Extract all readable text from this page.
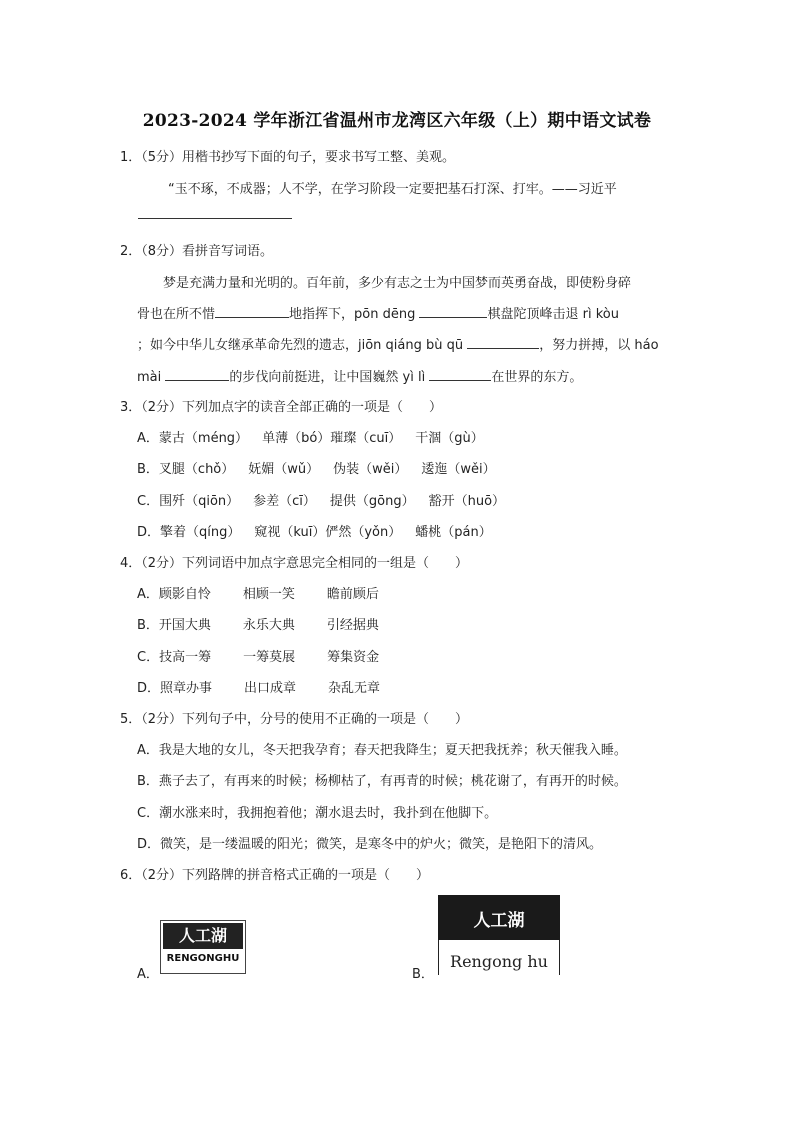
2023-2024 学年浙江省温州市龙湾区六年级（上）期中语文试卷
1．（5分）用楷书抄写下面的句子，要求书写工整、美观。
“玉不琢，不成器；人不学，在学习阶段一定要把基石打深、打牢。——习近平
2．（8分）看拼音写词语。
梦是充满力量和光明的。百年前，多少有志之士为中国梦而英勇奋战，即使粉身碎
骨也在所不惜	地指挥下，pōn dēng	棋盘陀顶峰击退 rì kòu
；如今中华儿女继承革命先烈的遗志，jiōn qiáng bù qū	，努力拼搏，以 háo
mài	的步伐向前挺进，让中国巍然 yì lì	在世界的东方。
3．（2分）下列加点字的读音全部正确的一项是（　　）
A．蒙古（méng） 单薄（bó）璀璨（cuī） 干涸（gù）
B．叉腿（chǒ） 妩媚（wǔ） 伪装（wěi） 逶迤（wěi）
C．围歼（qiōn） 参差（cī） 提供（gōng） 豁开（huō）
D．擎着（qíng） 窥视（kuī）俨然（yǒn） 蟠桃（pán）
4．（2分）下列词语中加点字意思完全相同的一组是（　　）
A．顾影自怜 相顾一笑 瞻前顾后
B．开国大典 永乐大典 引经据典
C．技高一筹 一筹莫展 筹集资金
D．照章办事 出口成章 杂乱无章
5．（2分）下列句子中，分号的使用不正确的一项是（　　）
A．我是大地的女儿，冬天把我孕育；春天把我降生；夏天把我抚养；秋天催我入睡。
B．燕子去了，有再来的时候；杨柳枯了，有再青的时候；桃花谢了，有再开的时候。
C．潮水涨来时，我拥抱着他；潮水退去时，我扑到在他脚下。
D．微笑，是一缕温暖的阳光；微笑，是寒冬中的炉火；微笑，是艳阳下的清风。
6．（2分）下列路牌的拼音格式正确的一项是（　　）
A．
人工湖
RENGONGHU
B．
人工湖
Rengong hu
